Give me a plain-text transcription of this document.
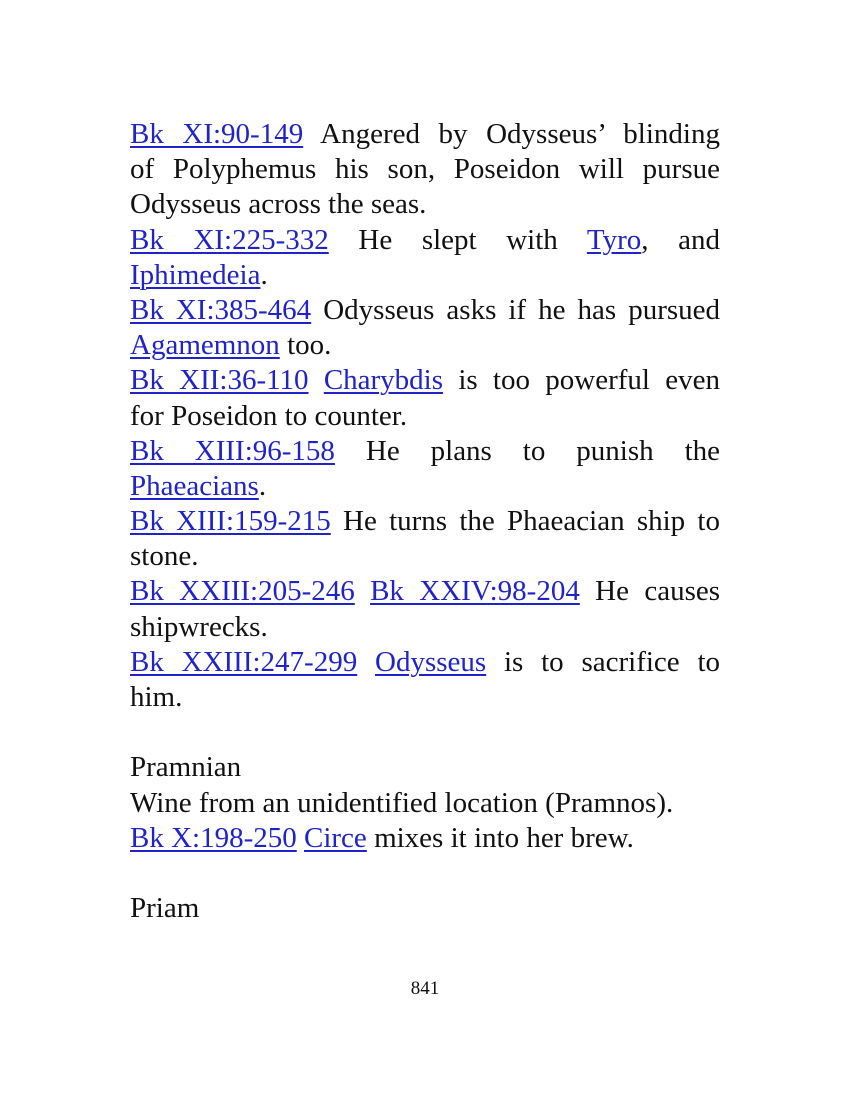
Bk XI:90-149 Angered by Odysseus’ blinding
of Polyphemus his son, Poseidon will pursue
Odysseus across the seas.
Bk XI:225-332 He slept with Tyro, and
Iphimedeia.
Bk XI:385-464 Odysseus asks if he has pursued
Agamemnon too.
Bk XII:36-110 Charybdis is too powerful even
for Poseidon to counter.
Bk XIII:96-158 He plans to punish the
Phaeacians.
Bk XIII:159-215 He turns the Phaeacian ship to
stone.
Bk XXIII:205-246 Bk XXIV:98-204 He causes
shipwrecks.
Bk XXIII:247-299 Odysseus is to sacrifice to
him.
Pramnian
Wine from an unidentified location (Pramnos).
Bk X:198-250 Circe mixes it into her brew.
Priam
841
